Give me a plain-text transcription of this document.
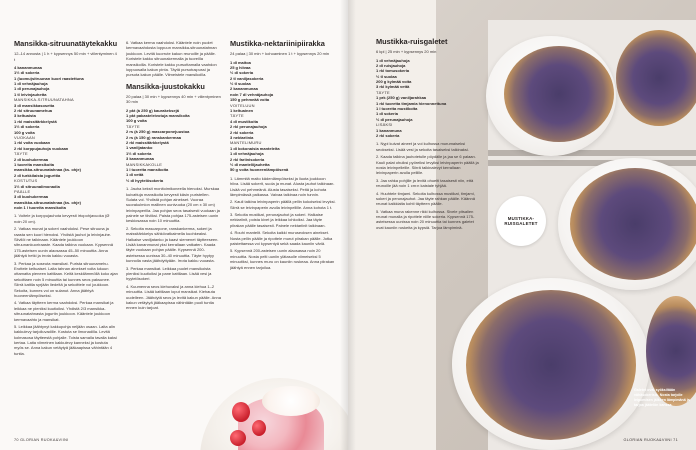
Mansikka-sitruunatäytekakku

12–14 annosta | 1 h + kypsennys 50 min + viilentyminen 4 t

4 kananmunaa
1½ dl sokeria
1 (luomu)sitruunan kuori raastettuna
1 dl vehnäjauhoja
1 dl perunajauhoja
1 tl leivinjauhetta
MANSIKKA-SITRUUNATAHNA
3 dl mansikkasosetta
2 rkl sitruunamehua
3 keltuaista
1 rkl maissitärkkelystä
1½ dl sokeria
100 g voita
VUOKAAN
1 rkl voita vuokaan
2 rkl korppujauhoja vuokaan
TÄYTE
2 dl kuohukermaa
1 tuoreita mansikoita
mansikka-sitruunatahnaa (ks. ohje)
2 dl turkkilaista jogurttia
KOSTUTUS
1½ dl sitruunalimonadia
PÄÄLLE
3 dl kuohukermaa
mansikka-sitruunatahnaa (ks. ohje)
noin 1 l tuoreita mansikoita

1. Voitele ja korppujauhota kevyesti irtopohjavuoka (Ø noin 20 cm).

2. Vatkaa munat ja sokeri vaahdoksi. Pese sitruuna ja raasta sen kuori hienoksi. Yhdistä jauhot ja leivinjauhe. Siivilöi ne taikinaan. Kääntele joukkoon sitruunankuoriraaste. Kaada taikina vuokaan. Kypsennä 175-asteisen uunin alaosassa 45–50 minuuttia. Anna jäähtyä hetki ja irrota kakku vuoasta.

3. Perkaa ja soseuta mansikat. Purista sitruunamehu. Erottele keltuaiset. Laita tahnan ainekset voita lukuun ottamatta pieneen kattilaan. Keitä keskilämmöllä koko ajan sekoittaen noin 5 minuuttia tai kunnes seos paksunee. Siirrä kattila syrjään liedeltä ja sekoittele voi joukkoon. Sekoita, kunnes voi on sulanut. Anna jäähtyä huoneenlämpöiseksi.

4. Vatkaa täytteen kerma vaahdoksi. Perkaa mansikat ja leikkaa ne pieniksi kuutioiksi. Yhdistä 2/3 mansikka-sitruunatahnasta jogurtin joukkoon. Kääntele joukkoon kermavaahto ja mansikat.

5. Leikkaa jäähtynyt kakkupohja neljään osaan. Laita alin kakkulevy tarjoiluvadille. Kostuta se limonadilla. Levitä kolmasosa täytteestä pohjalle. Toista samalla tavalla kaksi kertaa. Laita viimeinen kakkulevy kanneksi ja kostuta myös se. Anna kakun vetäytyä jääkaapissa vähintään 4 tuntia.

6. Vatkaa kerma vaahdoksi. Kääntele noin puolet kermavaahdosta loppuun mansikka-sitruunatahnan joukkoon. Levitä kuorrute kakun reunoille ja päälle. Koristele kakku sitruunakermalla ja tuoreilla mansikoilla. Koristele kakku pursottamalla vaahdon loppuosalla kakun pinta. Täytä pursotuspussi ja pursota kakun päälle. Viimeistele mansikoilla.

Mansikka-juustokakku

20 palaa | 30 min + kypsennys 40 min + viilentyminen 30 min

2 pkt (à 250 g) kaurakeksejä
1 pkt pakasteleivotuja mansikoita
100 g voita
TÄYTE
2 rs (à 250 g) mascarponejuustoa
2 rs (à 150 g) ranskankermaa
2 rkl maissitärkkelystä
1 vaniljatanko
1½ dl sokeria
3 kananmunaa
MANSIKKAKOLLE
1 l tuoreita mansikoita
1 dl vettä
½ dl hyytelösokeria

1. Jauha keksit monitoimikoneella hienoksi. Murskaa kuivattuja mansikoita kevyesti käsin puristellen. Sulata voi. Yhdistä pohjan ainekset. Vuoraa suorakulmion mallinen uunivuoka (20 cm x 30 cm) leivinpaperilla. Jaa pohjan seos tasaisesti vuokaan ja painele se tiiviiksi. Paista pohjaa 175-asteisen uunin keskiosassa noin 10 minuuttia.

2. Sekoita mascarpone, ranskankerma, sokeri ja maissitärkkelys sähkövatkaimella kuohkeaksi. Halkaise vaniljatanko ja kaavi siemenet täytteeseen. Lisää kananmunat yksi kerrallaan vatkaten. Kaada täyte vuokaan pohjan päälle. Kypsennä 200-asteisessa uunissa 30–40 minuuttia. Täyte hyytyy kunnolla vasta jäähdyttyään. Irrota kakku vuoasta.

3. Perkaa mansikat. Leikkaa puolet mansikoista pieniksi kuutioiksi ja pane kattilaan. Lisää vesi ja hyytelösokeri.

4. Kuumenna seos kiehuvaksi ja anna kiehua 1–2 minuuttia. Lisää kattilaan loput mansikat. Kiehauta uudelleen. Jäähdytä seos ja levitä kakun päälle. Anna kakun vetäytyä jääkaapissa vähintään puoli tuntia ennen kuin tarjoat.

Mustikka-nektariinipiirakka

24 palaa | 30 min + kohoaminen 1 t + kypsennys 20 min

1 dl maitoa
25 g hiivaa
½ dl sokeria
2 tl vaniljasokeria
½ tl suolaa
2 kananmunaa
noin 7 dl vehnäjauhoja
150 g pehmeää voita
VOITELUUN
1 keltuainen
TÄYTE
4 dl mustikoita
2 rkl perunajauhoja
2 rkl sokeria
3 nektariinia
MANTELIMURU
1 dl kokonaisia manteleita
1 dl vehnäjauhoja
2 rkl fariinisokeria
½ dl manteliijauhetta
50 g voita huoneenlämpöisenä

1. Lämmitä maito kädenlämpöiseksi ja liuota joukkoon hiiva. Lisää sokerit, suola ja munat. Alusta jauhot taikinaan. Lisää voi pehmeänä. Alusta tasaiseksi. Peitä ja kohota lämpimässä paikassa. Vaivaa taikinaa noin tunnin.

2. Kauli taikina leivinpaperin päällä pellin kokoiseksi levyksi. Siirrä se leivinpaperin avulla leivinpellille. Anna kohota 1 t.

3. Sekoita mustikat, perunajauhot ja sokeri. Halkaise nektariinit, poista kivet ja leikkaa lohkoiksi. Jaa täyte piirakan päälle tasaisesti. Painele nektariinit taikinaan.

4. Rouhi mantelit. Sekoita kaikki muruseoksen ainekset. Nosta pellin päälle ja ripottele murut piirakan päälle. Jotka paistettaessa voi kypsentyä sekä saada kauniin väriä.

5. Kypsennä 200-asteisen uunin alaosassa noin 20 minuuttia. Nosta pelti uuniin ylätasolle viimeiseksi 5 minuutiksi, kunnes muru on kauniin ruskeaa. Anna piirakan jäähtyä ennen tarjoilua.

70 GLORIAN RUOKA&VIINI
Mustikka-ruisgaletet

6 kpl | 25 min + kypsennys 20 min

1 dl vehnäjauhoja
2 dl ruisjauhoja
1 rkl tomusokeria
½ tl suolaa
200 g kylmää voita
3 rkl kylmää vettä
TÄYTE
1 prk (250 g) vaniljarahkaa
1 rkl tuoretta timjamia hienonnettuna
1 l tuoreita mustikoita
1 dl sokeria
½ dl perunajauhoja
LISÄKSI
1 kananmuna
2 rkl sokeria

1. Nypi kuivat aineet ja voi kulhossa murumaiseksi seokseksi. Lisää vesi ja sekoita tasaiseksi taikinaksi.

2. Kaada taikina jauhotetulle pöydälle ja jaa se 6 palaan. Kauli palat ohuiksi pyöreiksi levyiksi leivinpaperin päällä ja nosta leivinpelleille. Siirrä taikinalevyt kerrallaan leivinpaperin avulla pellille.

3. Jaa rahka pohjille ja levitä ohuelti tasaisesti niin, että reunoille jää noin 1 cm:n kaistale tyhjää.

4. Huuhtele timjami. Sekoita kulhossa mustikat, timjami, sokeri ja perunajauhot. Jaa täyte rahkan päälle. Käännä reunat kaikkialta kohti täytteen päälle.

5. Vatkaa muna rakenne rikki kulhossa. Sivele pitsalien reunat munalla ja ripottele niille sokeria. Kypsennä 175-asteisessa uunissa noin 20 minuuttia tai kunnes galetet ovat kauniin ruskeita ja kypsiä. Tarjoa lämpiminä.

MUSTIKKA-
RUISGALETET
Galetet ovat syöksiltään vähäsokerisia. Nosta tarjolle leipomisen jälkeen lämpimänä ja tarjoa jäätelön kanssa.
GLORIAN RUOKA&VIINI 71
